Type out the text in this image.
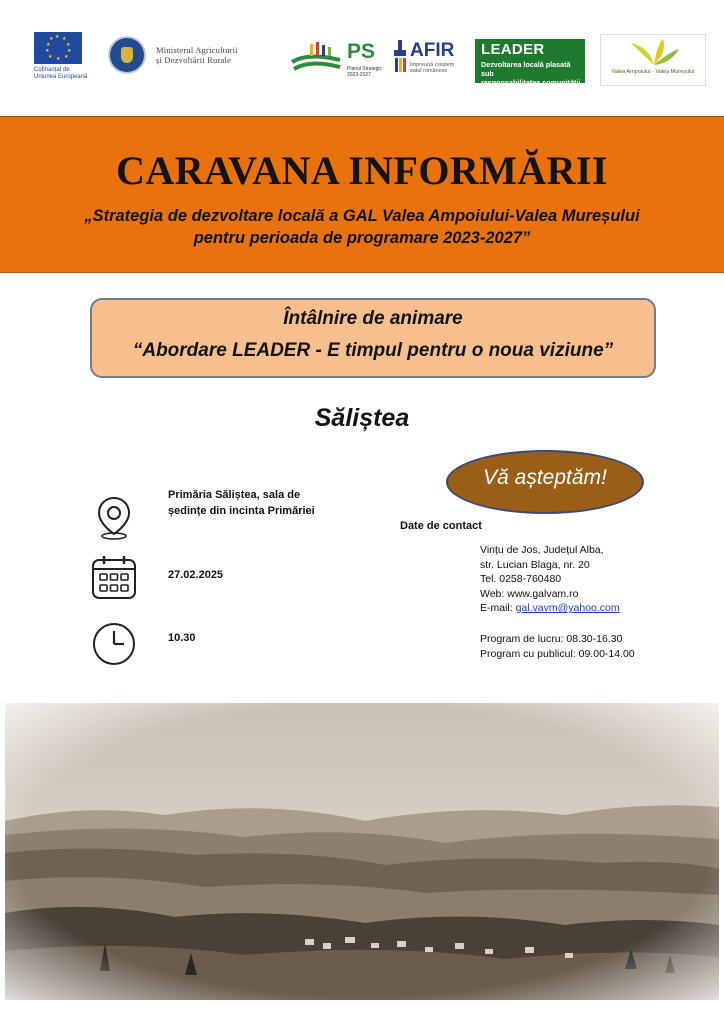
★ ★
★
★
★
★
★
★
★
★
Cofinanțat de Uniunea Europeană
Ministerul Agriculturii
și Dezvoltării Rurale	PS
Planul Strategic
2023-2027
AFIR
Împreună creștem
satul românesc
LEADER
Dezvoltarea locală plasată sub
responsabilitatea comunității
Valea Ampoiului - Valea Mureșului
CARAVANA INFORMĂRII
„Strategia de dezvoltare locală a GAL Valea Ampoiului-Valea Mureșului
pentru perioada de programare 2023-2027”
Întâlnire de animare
“Abordare LEADER - E timpul pentru o noua viziune”
Săliștea
Vă așteptăm!
Primăria Săliștea, sala de
ședințe din incinta Primăriei
27.02.2025
10.30
Date de contact
Vințu de Jos, Județul Alba,
str. Lucian Blaga, nr. 20
Tel. 0258-760480
Web: www.galvam.ro
E-mail: gal.vavm@yahoo.com
Program de lucru: 08.30-16.30
Program cu publicul: 09.00-14.00
